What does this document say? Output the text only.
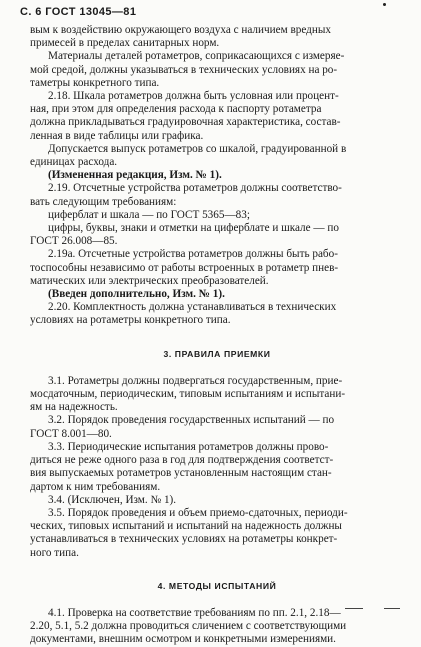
С. 6 ГОСТ 13045—81

вым к воздействию окружающего воздуха с наличием вредных

примесей в пределах санитарных норм.

Материалы деталей ротаметров, соприкасающихся с измеряе-

мой средой, должны указываться в технических условиях на ро-

таметры конкретного типа.

2.18. Шкала ротаметров должна быть условная или процент-

ная, при этом для определения расхода к паспорту ротаметра

должна прикладываться градуировочная характеристика, состав-

ленная в виде таблицы или графика.

Допускается выпуск ротаметров со шкалой, градуированной в

единицах расхода.

(Измененная редакция, Изм. № 1).

2.19. Отсчетные устройства ротаметров должны соответство-

вать следующим требованиям:

циферблат и шкала — по ГОСТ 5365—83;

цифры, буквы, знаки и отметки на циферблате и шкале — по

ГОСТ 26.008—85.

2.19а. Отсчетные устройства ротаметров должны быть рабо-

тоспособны независимо от работы встроенных в ротаметр пнев-

матических или электрических преобразователей.

(Введен дополнительно, Изм. № 1).

2.20. Комплектность должна устанавливаться в технических

условиях на ротаметры конкретного типа.

3. ПРАВИЛА ПРИЕМКИ

3.1. Ротаметры должны подвергаться государственным, прие-

мосдаточным, периодическим, типовым испытаниям и испытани-

ям на надежность.

3.2. Порядок проведения государственных испытаний — по

ГОСТ 8.001—80.

3.3. Периодические испытания ротаметров должны прово-

диться не реже одного раза в год для подтверждения соответст-

вия выпускаемых ротаметров установленным настоящим стан-

дартом к ним требованиям.

3.4. (Исключен, Изм. № 1).

3.5. Порядок проведения и объем приемо-сдаточных, периоди-

ческих, типовых испытаний и испытаний на надежность должны

устанавливаться в технических условиях на ротаметры конкрет-

ного типа.

4. МЕТОДЫ ИСПЫТАНИЙ

4.1. Проверка на соответствие требованиям по пп. 2.1, 2.18—

2.20, 5.1, 5.2 должна проводиться сличением с соответствующими

документами, внешним осмотром и конкретными измерениями.
